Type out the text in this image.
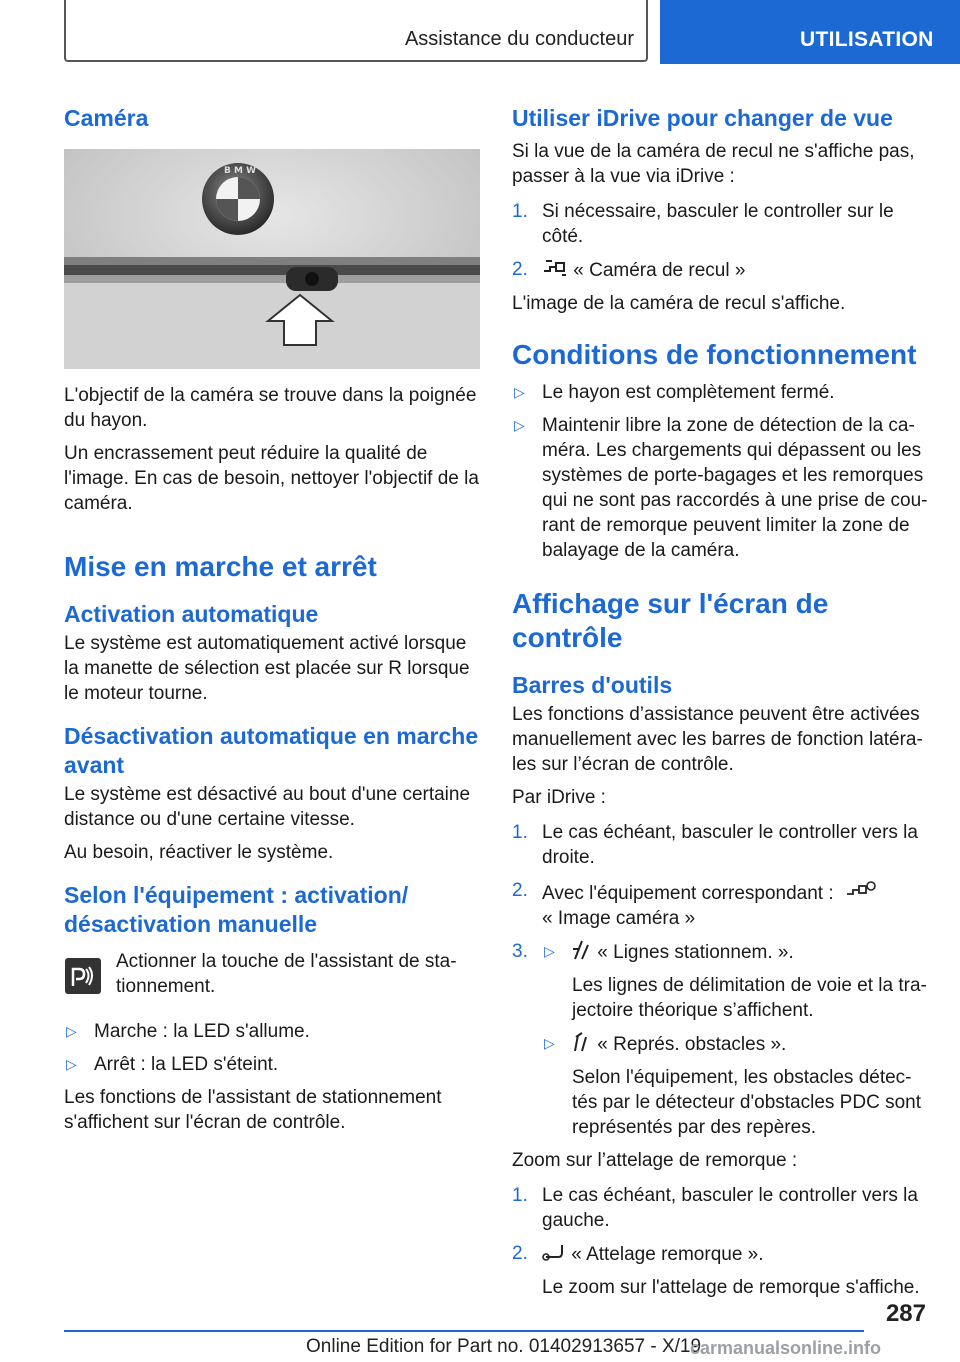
Assistance du conducteur	UTILISATION
Caméra
B M W

L'objectif de la caméra se trouve dans la poignée du hayon.

Un encrassement peut réduire la qualité de l'image. En cas de besoin, nettoyer l'objectif de la caméra.

Mise en marche et arrêt
Activation automatique

Le système est automatiquement activé lorsque la manette de sélection est placée sur R lorsque le moteur tourne.

Désactivation automatique en marche avant

Le système est désactivé au bout d'une certaine distance ou d'une certaine vitesse.

Au besoin, réactiver le système.

Selon l'équipement : activation/ désactivation manuelle

Actionner la touche de l'assistant de sta- tionnement.

▷ Marche : la LED s'allume.
▷ Arrêt : la LED s'éteint.

Les fonctions de l'assistant de stationnement s'affichent sur l'écran de contrôle.

Utiliser iDrive pour changer de vue

Si la vue de la caméra de recul ne s'affiche pas, passer à la vue via iDrive :

1. Si nécessaire, basculer le controller sur le côté.
2. « Caméra de recul »

L'image de la caméra de recul s'affiche.

Conditions de fonctionnement
▷ Le hayon est complètement fermé.
▷ Maintenir libre la zone de détection de la ca- méra. Les chargements qui dépassent ou les systèmes de porte-bagages et les remorques qui ne sont pas raccordés à une prise de cou- rant de remorque peuvent limiter la zone de balayage de la caméra.
Affichage sur l'écran de contrôle
Barres d'outils

Les fonctions d’assistance peuvent être activées manuellement avec les barres de fonction latéra- les sur l’écran de contrôle.

Par iDrive :

1. Le cas échéant, basculer le controller vers la droite.
2. Avec l'équipement correspondant :
« Image caméra »
3. ▷ « Lignes stationnem. ».
Les lignes de délimitation de voie et la tra- jectoire théorique s’affichent.
▷ « Représ. obstacles ».
Selon l'équipement, les obstacles détec- tés par le détecteur d'obstacles PDC sont représentés par des repères.

Zoom sur l’attelage de remorque :

1. Le cas échéant, basculer le controller vers la gauche.
2. « Attelage remorque ».
Le zoom sur l'attelage de remorque s'affiche.
287
Online Edition for Part no. 01402913657 - X/19
carmanualsonline.info
